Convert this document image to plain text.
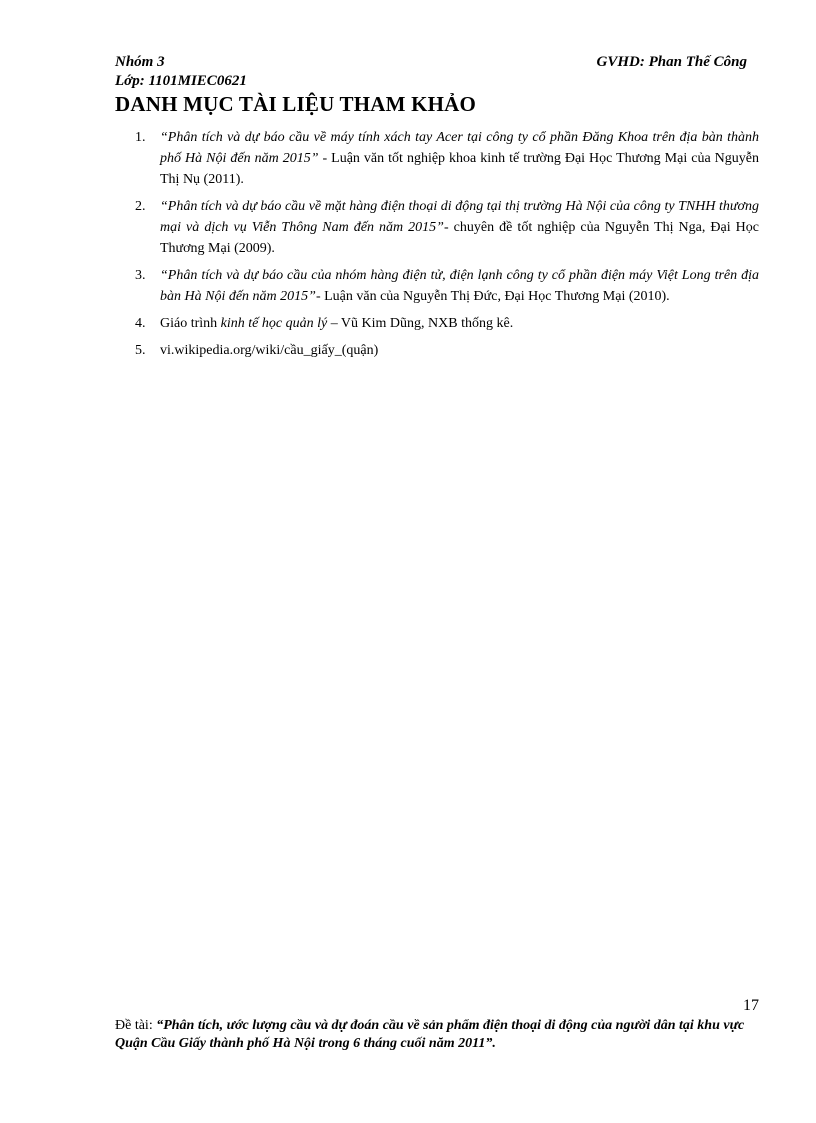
Nhóm 3	GVHD: Phan Thế Công
Lớp: 1101MIEC0621
DANH MỤC TÀI LIỆU THAM KHẢO
1. “Phân tích và dự báo cầu về máy tính xách tay Acer tại công ty cổ phần Đăng Khoa trên địa bàn thành phố Hà Nội đến năm 2015” - Luận văn tốt nghiệp khoa kinh tế trường Đại Học Thương Mại của Nguyễn Thị Nụ (2011).
2. “Phân tích và dự báo cầu về mặt hàng điện thoại di động tại thị trường Hà Nội của công ty TNHH thương mại và dịch vụ Viễn Thông Nam đến năm 2015”- chuyên đề tốt nghiệp của Nguyễn Thị Nga, Đại Học Thương Mại (2009).
3. “Phân tích và dự báo cầu của nhóm hàng điện tử, điện lạnh công ty cổ phần điện máy Việt Long trên địa bàn Hà Nội đến năm 2015”- Luận văn của Nguyễn Thị Đức, Đại Học Thương Mại (2010).
4. Giáo trình kinh tế học quản lý – Vũ Kim Dũng, NXB thống kê.
5. vi.wikipedia.org/wiki/cầu_giấy_(quận)
17
Đề tài: “Phân tích, ước lượng cầu và dự đoán cầu về sản phẩm điện thoại di động của người dân tại khu vực Quận Cầu Giấy thành phố Hà Nội trong 6 tháng cuối năm 2011”.
